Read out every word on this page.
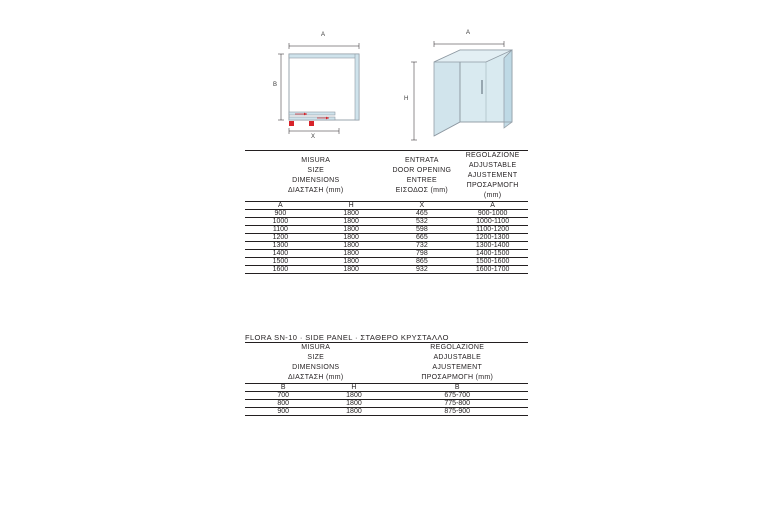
A
B
X
A
H
MISURA
SIZE
DIMENSIONS
ΔΙΑΣΤΑΣΗ (mm)		ENTRATA
DOOR OPENING
ENTREE
ΕΙΣΟΔΟΣ (mm)	REGOLAZIONE
ADJUSTABLE
AJUSTEMENT
ΠΡΟΣΑΡΜΟΓΗ (mm)

A	H	X	A
900	1800	465	900-1000
1000	1800	532	1000-1100
1100	1800	598	1100-1200
1200	1800	665	1200-1300
1300	1800	732	1300-1400
1400	1800	798	1400-1500
1500	1800	865	1500-1600
1600	1800	932	1600-1700

FLORA SN-10 · SIDE PANEL · ΣΤΑΘΕΡΟ ΚΡΥΣΤΑΛΛΟ		

MISURA
SIZE
DIMENSIONS
ΔΙΑΣΤΑΣΗ (mm)		REGOLAZIONE
ADJUSTABLE
AJUSTEMENT
ΠΡΟΣΑΡΜΟΓΗ (mm)

B	H	B
700	1800	675-700
800	1800	775-800
900	1800	875-900
